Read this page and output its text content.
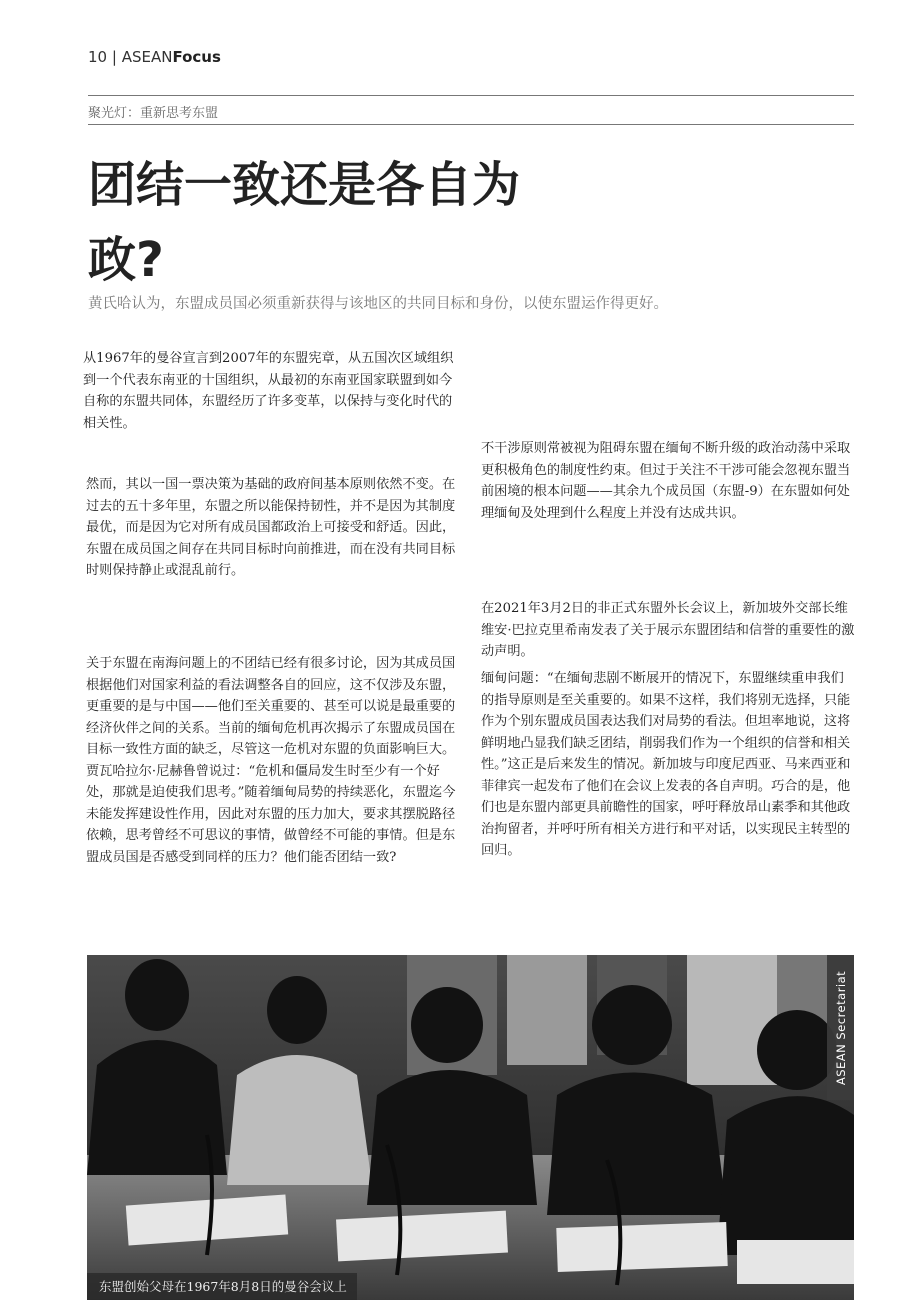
10 | ASEANFocus
聚光灯：重新思考东盟
团结一致还是各自为政?
黄氏哈认为，东盟成员国必须重新获得与该地区的共同目标和身份，以使东盟运作得更好。

从1967年的曼谷宣言到2007年的东盟宪章，从五国次区域组织到一个代表东南亚的十国组织，从最初的东南亚国家联盟到如今自称的东盟共同体，东盟经历了许多变革，以保持与变化时代的相关性。

然而，其以一国一票决策为基础的政府间基本原则依然不变。在过去的五十多年里，东盟之所以能保持韧性，并不是因为其制度最优，而是因为它对所有成员国都政治上可接受和舒适。因此，东盟在成员国之间存在共同目标时向前推进，而在没有共同目标时则保持静止或混乱前行。

关于东盟在南海问题上的不团结已经有很多讨论，因为其成员国根据他们对国家利益的看法调整各自的回应，这不仅涉及东盟，更重要的是与中国——他们至关重要的、甚至可以说是最重要的经济伙伴之间的关系。当前的缅甸危机再次揭示了东盟成员国在目标一致性方面的缺乏，尽管这一危机对东盟的负面影响巨大。贾瓦哈拉尔·尼赫鲁曾说过：“危机和僵局发生时至少有一个好处，那就是迫使我们思考。”随着缅甸局势的持续恶化，东盟迄今未能发挥建设性作用，因此对东盟的压力加大，要求其摆脱路径依赖，思考曾经不可思议的事情，做曾经不可能的事情。但是东盟成员国是否感受到同样的压力？他们能否团结一致?

不干涉原则常被视为阻碍东盟在缅甸不断升级的政治动荡中采取更积极角色的制度性约束。但过于关注不干涉可能会忽视东盟当前困境的根本问题——其余九个成员国（东盟-9）在东盟如何处理缅甸及处理到什么程度上并没有达成共识。

在2021年3月2日的非正式东盟外长会议上，新加坡外交部长维维安·巴拉克里希南发表了关于展示东盟团结和信誉的重要性的激动声明。

缅甸问题：“在缅甸悲剧不断展开的情况下，东盟继续重申我们的指导原则是至关重要的。如果不这样，我们将别无选择，只能作为个别东盟成员国表达我们对局势的看法。但坦率地说，这将鲜明地凸显我们缺乏团结，削弱我们作为一个组织的信誉和相关性。”这正是后来发生的情况。新加坡与印度尼西亚、马来西亚和菲律宾一起发布了他们在会议上发表的各自声明。巧合的是，他们也是东盟内部更具前瞻性的国家，呼吁释放昂山素季和其他政治拘留者，并呼吁所有相关方进行和平对话，以实现民主转型的回归。

ASEAN Secretariat
东盟创始父母在1967年8月8日的曼谷会议上
